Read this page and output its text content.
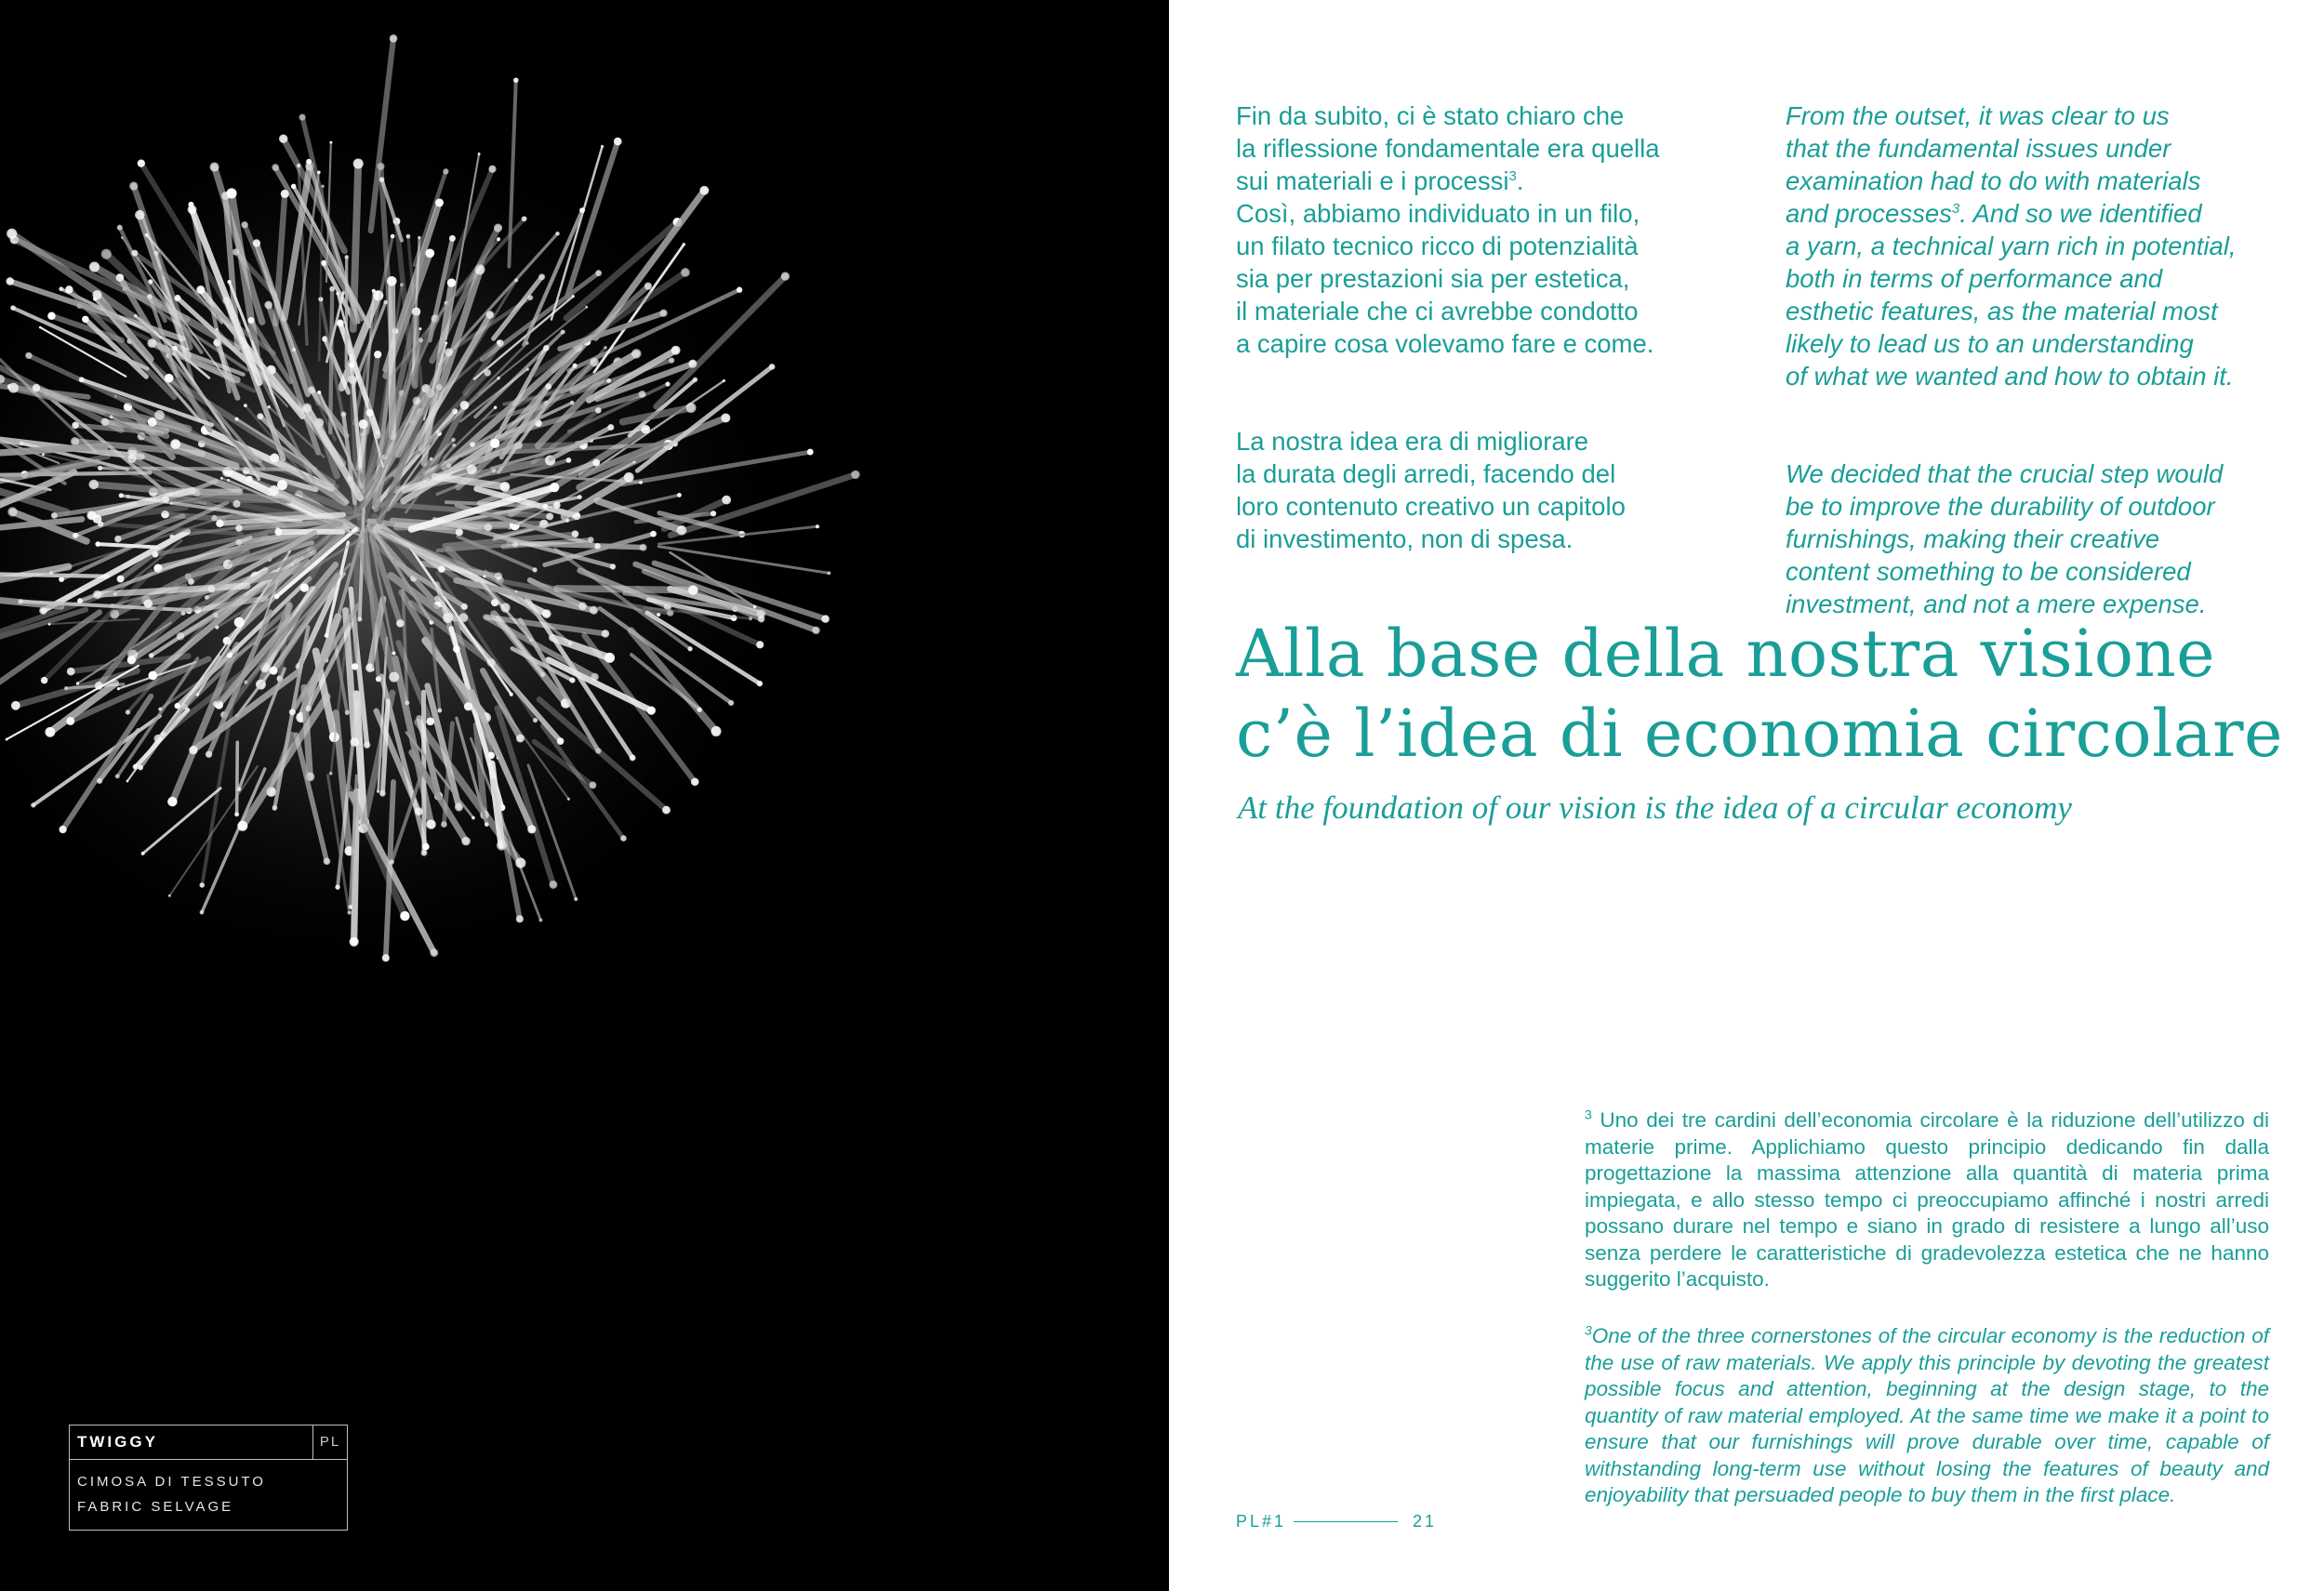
TWIGGY	PL
CIMOSA DI TESSUTO
FABRIC SELVAGE

Fin da subito, ci è stato chiaro che
la riflessione fondamentale era quella
sui materiali e i processi$^3$.
Così, abbiamo individuato in un filo,
un filato tecnico ricco di potenzialità
sia per prestazioni sia per estetica,
il materiale che ci avrebbe condotto
a capire cosa volevamo fare e come.

La nostra idea era di migliorare
la durata degli arredi, facendo del
loro contenuto creativo un capitolo
di investimento, non di spesa.

From the outset, it was clear to us
that the fundamental issues under
examination had to do with materials
and processes$^3$. And so we identified
a yarn, a technical yarn rich in potential,
both in terms of performance and
esthetic features, as the material most
likely to lead us to an understanding
of what we wanted and how to obtain it.

We decided that the crucial step would
be to improve the durability of outdoor
furnishings, making their creative
content something to be considered
investment, and not a mere expense.

Alla base della nostra visione
c’è l’idea di economia circolare
At the foundation of our vision is the idea of a circular economy
$^3$ Uno dei tre cardini dell’economia circolare è la riduzione dell’utilizzo di materie prime. Applichiamo questo principio dedicando fin dalla progettazione la massima attenzione alla quantità di materia prima impiegata, e allo stesso tempo ci preoccupiamo affinché i nostri arredi possano durare nel tempo e siano in grado di resistere a lungo all’uso senza perdere le caratteristiche di gradevolezza estetica che ne hanno suggerito l’acquisto.
$^3$One of the three cornerstones of the circular economy is the reduction of the use of raw materials. We apply this principle by devoting the greatest possible focus and attention, beginning at the design stage, to the quantity of raw material employed. At the same time we make it a point to ensure that our furnishings will prove durable over time, capable of withstanding long-term use without losing the features of beauty and enjoyability that persuaded people to buy them in the first place.
PL#1	21
